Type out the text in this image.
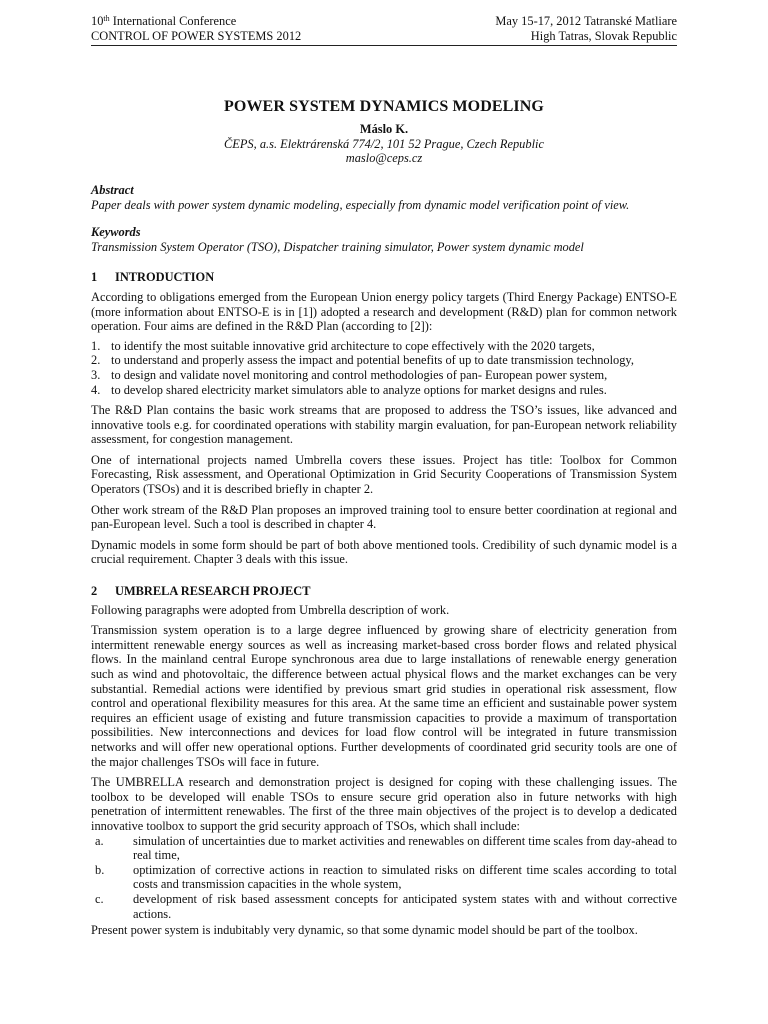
10th International Conference
CONTROL OF POWER SYSTEMS 2012
May 15-17, 2012 Tatranské Matliare
High Tatras, Slovak Republic
POWER SYSTEM DYNAMICS MODELING
Máslo K.
ČEPS, a.s. Elektrárenská 774/2, 101 52 Prague, Czech Republic
maslo@ceps.cz
Abstract
Paper deals with power system dynamic modeling, especially from dynamic model verification point of view.
Keywords
Transmission System Operator (TSO), Dispatcher training simulator, Power system dynamic model
1 INTRODUCTION

According to obligations emerged from the European Union energy policy targets (Third Energy Package) ENTSO-E (more information about ENTSO-E is in [1]) adopted a research and development (R&D) plan for common network operation. Four aims are defined in the R&D Plan (according to [2]):

1. to identify the most suitable innovative grid architecture to cope effectively with the 2020 targets,
2. to understand and properly assess the impact and potential benefits of up to date transmission technology,
3. to design and validate novel monitoring and control methodologies of pan- European power system,
4. to develop shared electricity market simulators able to analyze options for market designs and rules.

The R&D Plan contains the basic work streams that are proposed to address the TSO’s issues, like advanced and innovative tools e.g. for coordinated operations with stability margin evaluation, for pan-European network reliability assessment, for congestion management.

One of international projects named Umbrella covers these issues. Project has title: Toolbox for Common Forecasting, Risk assessment, and Operational Optimization in Grid Security Cooperations of Transmission System Operators (TSOs) and it is described briefly in chapter 2.

Other work stream of the R&D Plan proposes an improved training tool to ensure better coordination at regional and pan-European level. Such a tool is described in chapter 4.

Dynamic models in some form should be part of both above mentioned tools. Credibility of such dynamic model is a crucial requirement. Chapter 3 deals with this issue.

2 UMBRELA RESEARCH PROJECT

Following paragraphs were adopted from Umbrella description of work.

Transmission system operation is to a large degree influenced by growing share of electricity generation from intermittent renewable energy sources as well as increasing market-based cross border flows and related physical flows. In the mainland central Europe synchronous area due to large installations of renewable energy generation such as wind and photovoltaic, the difference between actual physical flows and the market exchanges can be very substantial. Remedial actions were identified by previous smart grid studies in operational risk assessment, flow control and operational flexibility measures for this area. At the same time an efficient and sustainable power system requires an efficient usage of existing and future transmission capacities to provide a maximum of transportation possibilities. New interconnections and devices for load flow control will be integrated in future transmission networks and will offer new operational options. Further developments of coordinated grid security tools are one of the major challenges TSOs will face in future.

The UMBRELLA research and demonstration project is designed for coping with these challenging issues. The toolbox to be developed will enable TSOs to ensure secure grid operation also in future networks with high penetration of intermittent renewables. The first of the three main objectives of the project is to develop a dedicated innovative toolbox to support the grid security approach of TSOs, which shall include:

a.	simulation of uncertainties due to market activities and renewables on different time scales from day-ahead to real time,
b.	optimization of corrective actions in reaction to simulated risks on different time scales according to total costs and transmission capacities in the whole system,
c.	development of risk based assessment concepts for anticipated system states with and without corrective actions.

Present power system is indubitably very dynamic, so that some dynamic model should be part of the toolbox.
